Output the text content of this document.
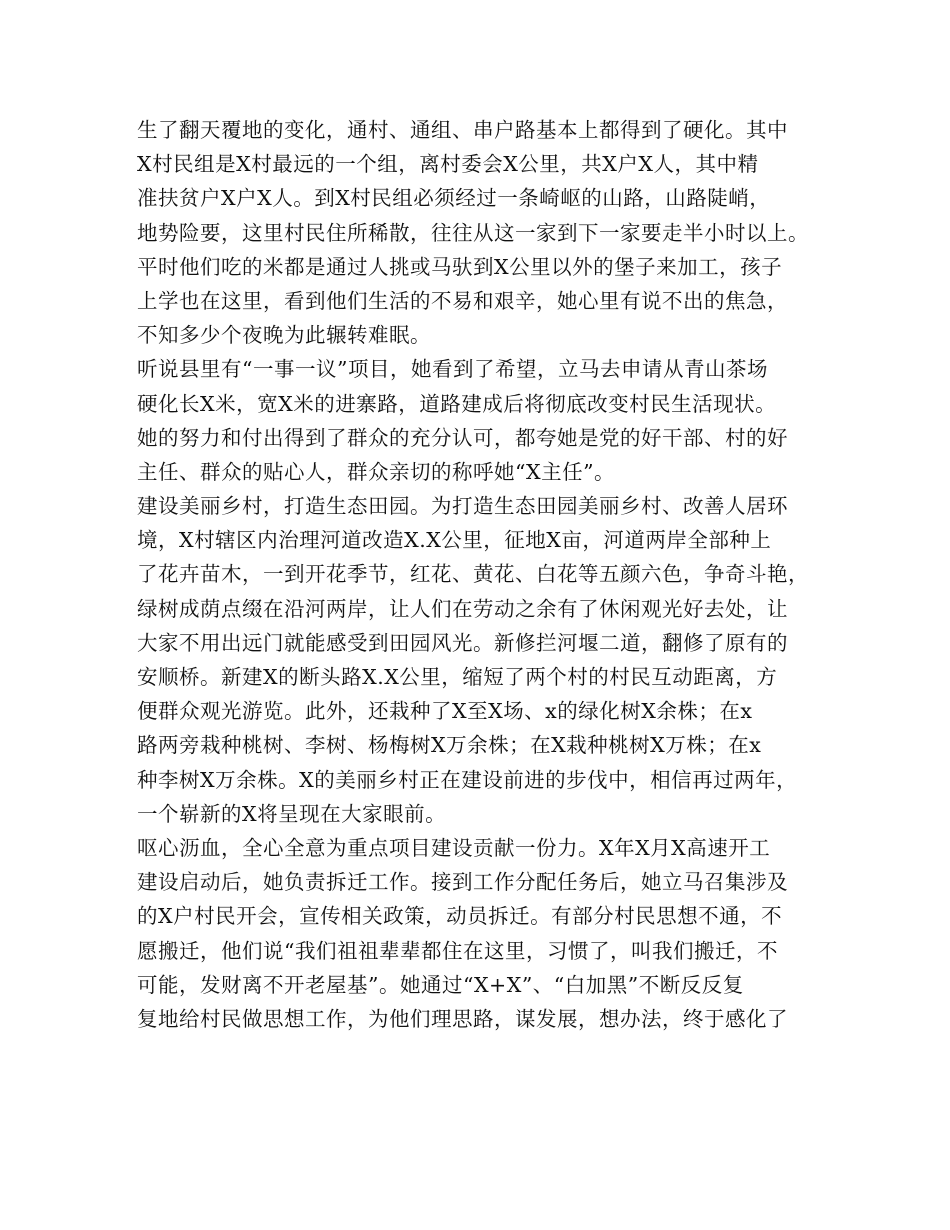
生了翻天覆地的变化，通村、通组、串户路基本上都得到了硬化。其中
X村民组是X村最远的一个组，离村委会X公里，共X户X人，其中精
准扶贫户X户X人。到X村民组必须经过一条崎岖的山路，山路陡峭，
地势险要，这里村民住所稀散，往往从这一家到下一家要走半小时以上。
平时他们吃的米都是通过人挑或马驮到X公里以外的堡子来加工，孩子
上学也在这里，看到他们生活的不易和艰辛，她心里有说不出的焦急，
不知多少个夜晚为此辗转难眠。
听说县里有“一事一议”项目，她看到了希望，立马去申请从青山茶场
硬化长X米，宽X米的进寨路，道路建成后将彻底改变村民生活现状。
她的努力和付出得到了群众的充分认可，都夸她是党的好干部、村的好
主任、群众的贴心人，群众亲切的称呼她“X主任”。
建设美丽乡村，打造生态田园。为打造生态田园美丽乡村、改善人居环
境，X村辖区内治理河道改造X.X公里，征地X亩，河道两岸全部种上
了花卉苗木，一到开花季节，红花、黄花、白花等五颜六色，争奇斗艳，
绿树成荫点缀在沿河两岸，让人们在劳动之余有了休闲观光好去处，让
大家不用出远门就能感受到田园风光。新修拦河堰二道，翻修了原有的
安顺桥。新建X的断头路X.X公里，缩短了两个村的村民互动距离，方
便群众观光游览。此外，还栽种了X至X场、x的绿化树X余株；在x
路两旁栽种桃树、李树、杨梅树X万余株；在X栽种桃树X万株；在x
种李树X万余株。X的美丽乡村正在建设前进的步伐中，相信再过两年，
一个崭新的X将呈现在大家眼前。
呕心沥血，全心全意为重点项目建设贡献一份力。X年X月X高速开工
建设启动后，她负责拆迁工作。接到工作分配任务后，她立马召集涉及
的X户村民开会，宣传相关政策，动员拆迁。有部分村民思想不通，不
愿搬迁，他们说“我们祖祖辈辈都住在这里，习惯了，叫我们搬迁，不
可能，发财离不开老屋基”。她通过“X+X”、“白加黑”不断反反复
复地给村民做思想工作，为他们理思路，谋发展，想办法，终于感化了
